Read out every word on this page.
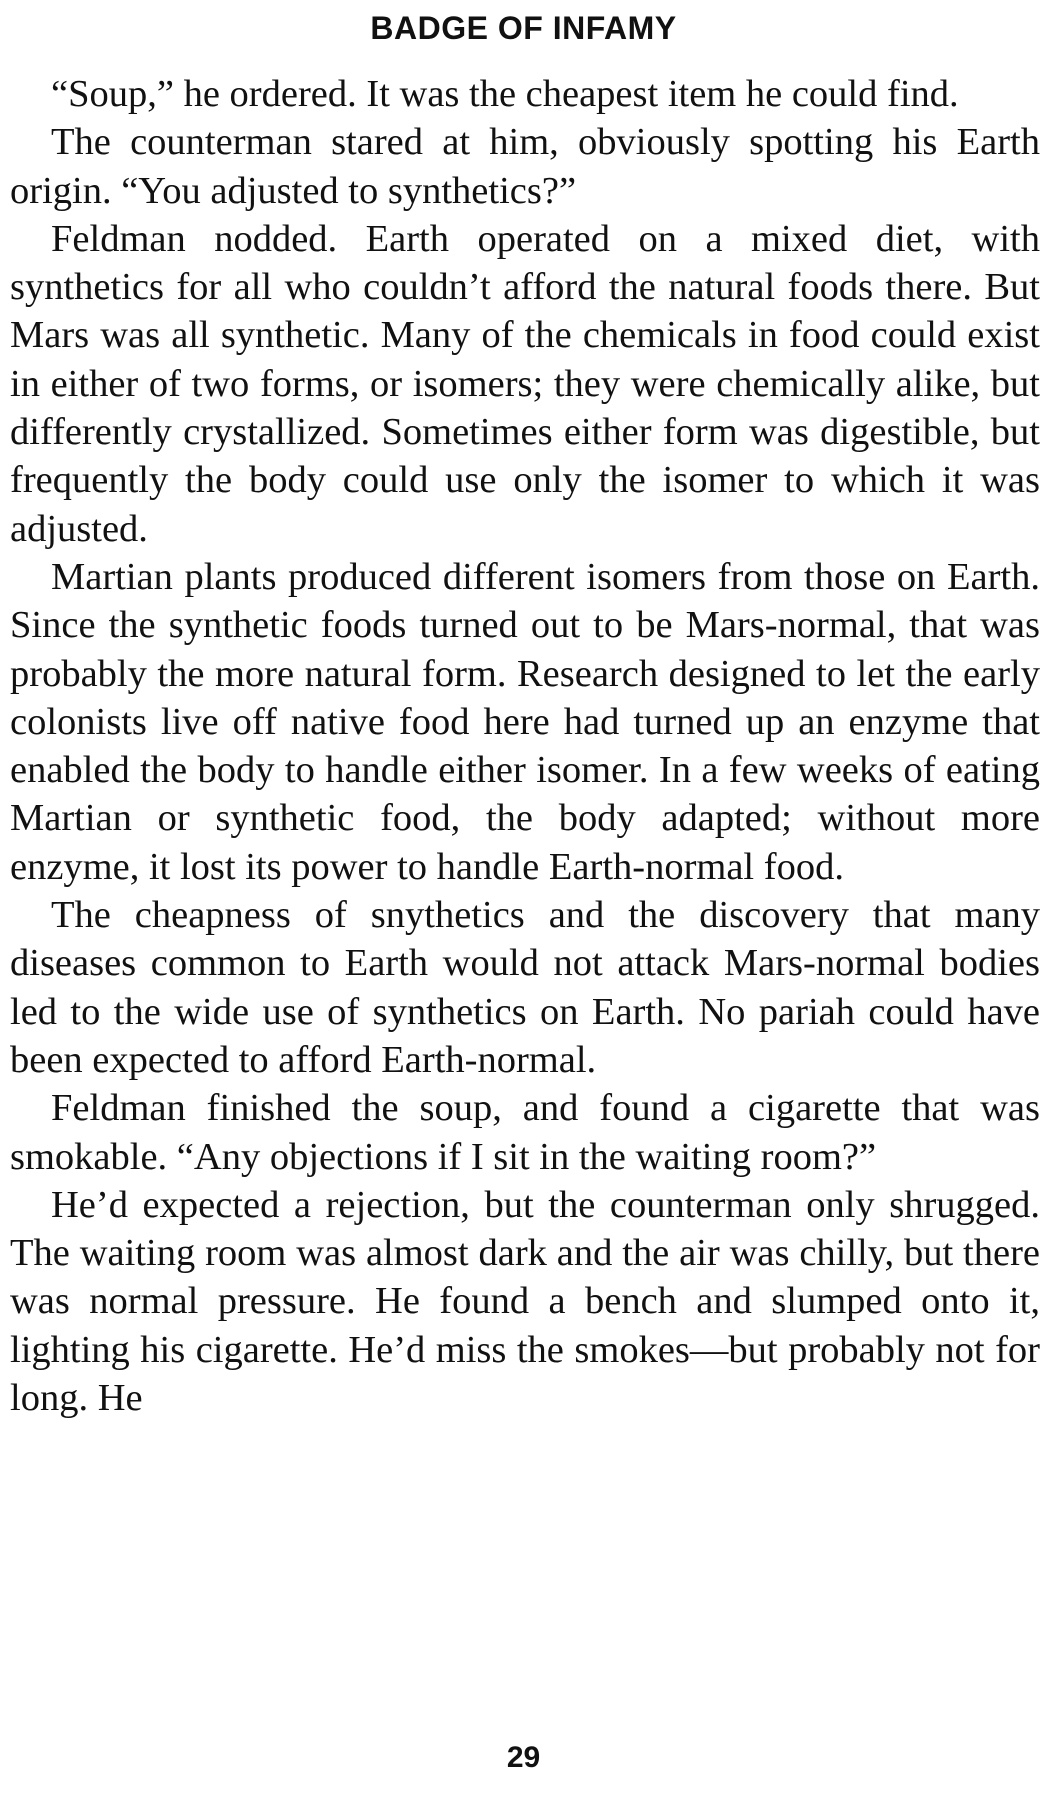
BADGE OF INFAMY

“Soup,” he ordered. It was the cheapest item he could find.

The counterman stared at him, obviously spotting his Earth origin. “You adjusted to synthetics?”

Feldman nodded. Earth operated on a mixed diet, with synthetics for all who couldn’t afford the natural foods there. But Mars was all synthetic. Many of the chemicals in food could exist in either of two forms, or isomers; they were chemically alike, but differently crystallized. Sometimes either form was digestible, but frequently the body could use only the isomer to which it was adjusted.

Martian plants produced different isomers from those on Earth. Since the synthetic foods turned out to be Mars-normal, that was probably the more natural form. Research designed to let the early colonists live off native food here had turned up an enzyme that enabled the body to handle either isomer. In a few weeks of eating Martian or synthetic food, the body adapted; without more enzyme, it lost its power to handle Earth-normal food.

The cheapness of snythetics and the discovery that many diseases common to Earth would not attack Mars-normal bodies led to the wide use of synthetics on Earth. No pariah could have been expected to afford Earth-normal.

Feldman finished the soup, and found a cigarette that was smokable. “Any objections if I sit in the waiting room?”

He’d expected a rejection, but the counterman only shrugged. The waiting room was almost dark and the air was chilly, but there was normal pressure. He found a bench and slumped onto it, lighting his cigarette. He’d miss the smokes—but probably not for long. He

29
